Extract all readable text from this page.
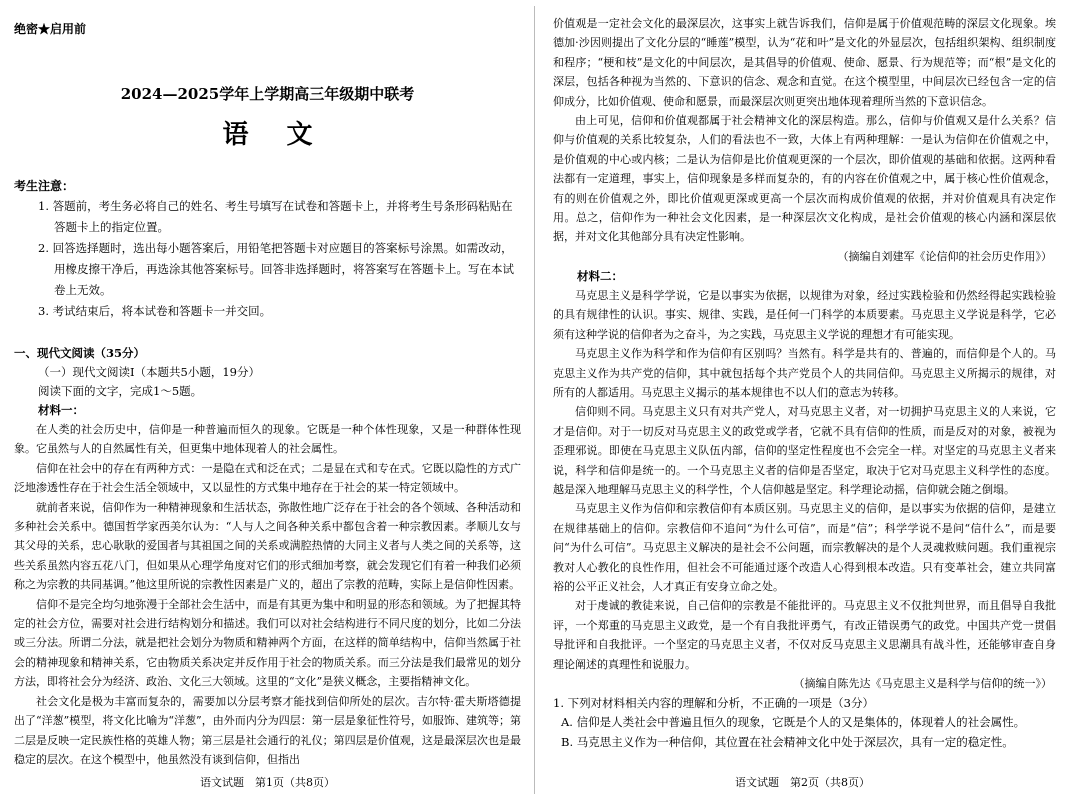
绝密★启用前
2024—2025学年上学期高三年级期中联考
语文
考生注意：
1. 答题前，考生务必将自己的姓名、考生号填写在试卷和答题卡上，并将考生号条形码粘贴在答题卡上的指定位置。
2. 回答选择题时，选出每小题答案后，用铅笔把答题卡对应题目的答案标号涂黑。如需改动，用橡皮擦干净后，再选涂其他答案标号。回答非选择题时，将答案写在答题卡上。写在本试卷上无效。
3. 考试结束后，将本试卷和答题卡一并交回。
一、现代文阅读（35分）
（一）现代文阅读Ⅰ（本题共5小题，19分）
阅读下面的文字，完成1～5题。
材料一：
在人类的社会历史中，信仰是一种普遍而恒久的现象。它既是一种个体性现象，又是一种群体性现象。它虽然与人的自然属性有关，但更集中地体现着人的社会属性。
信仰在社会中的存在有两种方式：一是隐在式和泛在式；二是显在式和专在式。它既以隐性的方式广泛地渗透性存在于社会生活全领域中，又以显性的方式集中地存在于社会的某一特定领域中。
就前者来说，信仰作为一种精神现象和生活状态，弥散性地广泛存在于社会的各个领域、各种活动和多种社会关系中。德国哲学家西美尔认为：“人与人之间各种关系中都包含着一种宗教因素。孝顺儿女与其父母的关系，忠心耿耿的爱国者与其祖国之间的关系或满腔热情的大同主义者与人类之间的关系等，这些关系虽然内容五花八门，但如果从心理学角度对它们的形式细加考察，就会发现它们有着一种我们必须称之为宗教的共同基调。”他这里所说的宗教性因素是广义的，超出了宗教的范畴，实际上是信仰性因素。
信仰不是完全均匀地弥漫于全部社会生活中，而是有其更为集中和明显的形态和领域。为了把握其特定的社会方位，需要对社会进行结构划分和描述。我们可以对社会结构进行不同尺度的划分，比如二分法或三分法。所谓二分法，就是把社会划分为物质和精神两个方面，在这样的简单结构中，信仰当然属于社会的精神现象和精神关系，它由物质关系决定并反作用于社会的物质关系。而三分法是我们最常见的划分方法，即将社会分为经济、政治、文化三大领域。这里的“文化”是狭义概念，主要指精神文化。
社会文化是极为丰富而复杂的，需要加以分层考察才能找到信仰所处的层次。吉尔特·霍夫斯塔德提出了“洋葱”模型，将文化比喻为“洋葱”，由外而内分为四层：第一层是象征性符号，如服饰、建筑等；第二层是反映一定民族性格的英雄人物；第三层是社会通行的礼仪；第四层是价值观，这是最深层次也是最稳定的层次。在这个模型中，他虽然没有谈到信仰，但指出
语文试题　第1页（共8页）
价值观是一定社会文化的最深层次，这事实上就告诉我们，信仰是属于价值观范畴的深层文化现象。埃德加·沙因则提出了文化分层的“睡莲”模型，认为“花和叶”是文化的外显层次，包括组织架构、组织制度和程序；“梗和枝”是文化的中间层次，是其倡导的价值观、使命、愿景、行为规范等；而“根”是文化的深层，包括各种视为当然的、下意识的信念、观念和直觉。在这个模型里，中间层次已经包含一定的信仰成分，比如价值观、使命和愿景，而最深层次则更突出地体现着理所当然的下意识信念。
由上可见，信仰和价值观都属于社会精神文化的深层构造。那么，信仰与价值观又是什么关系？信仰与价值观的关系比较复杂，人们的看法也不一致，大体上有两种理解：一是认为信仰在价值观之中，是价值观的中心或内核；二是认为信仰是比价值观更深的一个层次，即价值观的基础和依据。这两种看法都有一定道理，事实上，信仰现象是多样而复杂的，有的内容在价值观之中，属于核心性价值观念，有的则在价值观之外，即比价值观更深或更高一个层次而构成价值观的依据，并对价值观具有决定作用。总之，信仰作为一种社会文化因素，是一种深层次文化构成，是社会价值观的核心内涵和深层依据，并对文化其他部分具有决定性影响。
（摘编自刘建军《论信仰的社会历史作用》）
材料二：
马克思主义是科学学说，它是以事实为依据，以规律为对象，经过实践检验和仍然经得起实践检验的具有规律性的认识。事实、规律、实践，是任何一门科学的本质要素。马克思主义学说是科学，它必须有这种学说的信仰者为之奋斗，为之实践，马克思主义学说的理想才有可能实现。
马克思主义作为科学和作为信仰有区别吗？当然有。科学是共有的、普遍的，而信仰是个人的。马克思主义作为共产党的信仰，其中就包括每个共产党员个人的共同信仰。马克思主义所揭示的规律，对所有的人都适用。马克思主义揭示的基本规律也不以人们的意志为转移。
信仰则不同。马克思主义只有对共产党人，对马克思主义者，对一切拥护马克思主义的人来说，它才是信仰。对于一切反对马克思主义的政党或学者，它就不具有信仰的性质，而是反对的对象，被视为歪理邪说。即使在马克思主义队伍内部，信仰的坚定性程度也不会完全一样。对坚定的马克思主义者来说，科学和信仰是统一的。一个马克思主义者的信仰是否坚定，取决于它对马克思主义科学性的态度。越是深入地理解马克思主义的科学性，个人信仰越是坚定。科学理论动摇，信仰就会随之倒塌。
马克思主义作为信仰和宗教信仰有本质区别。马克思主义的信仰，是以事实为依据的信仰，是建立在规律基础上的信仰。宗教信仰不追问“为什么可信”，而是“信”；科学学说不是问“信什么”，而是要问“为什么可信”。马克思主义解决的是社会不公问题，而宗教解决的是个人灵魂救赎问题。我们重视宗教对人心教化的良性作用，但社会不可能通过逐个改造人心得到根本改造。只有变革社会，建立共同富裕的公平正义社会，人才真正有安身立命之处。
对于虔诚的教徒来说，自己信仰的宗教是不能批评的。马克思主义不仅批判世界，而且倡导自我批评，一个郑重的马克思主义政党，是一个有自我批评勇气，有改正错误勇气的政党。中国共产党一贯倡导批评和自我批评。一个坚定的马克思主义者，不仅对反马克思主义思潮具有战斗性，还能够审查自身理论阐述的真理性和说服力。
（摘编自陈先达《马克思主义是科学与信仰的统一》）
1. 下列对材料相关内容的理解和分析，不正确的一项是（3分）
A. 信仰是人类社会中普遍且恒久的现象，它既是个人的又是集体的，体现着人的社会属性。
B. 马克思主义作为一种信仰，其位置在社会精神文化中处于深层次，具有一定的稳定性。
语文试题　第2页（共8页）
